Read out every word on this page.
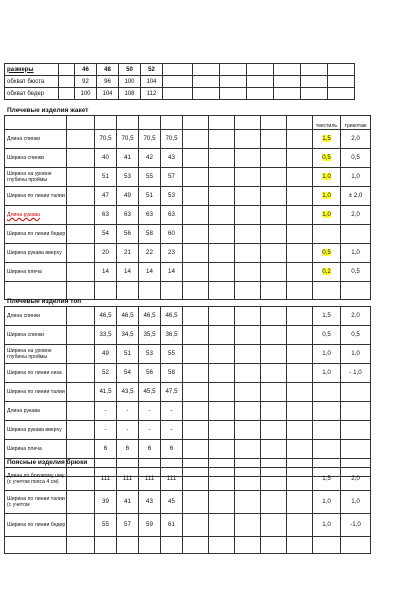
размеры		46	48	50	52							
обхват бюста		92	96	100	104							
обхват бедер		100	104	108	112							
Плечевые изделия жакет
											текстиль	трикотаж
Длина спинки		70,5	70,5	70,5	70,5						1,5	2,0
Ширина спинки		40	41	42	43						0,5	0,5
Ширина на уровне глубины проймы		51	53	55	57						1,0	1,0
Ширина по линии талии		47	49	51	53						1,0	± 2,0
Длина рукава		63	63	63	63						1,0	2,0
Ширина по линии бедер		54	56	58	60							
Ширина рукава вверху		20	21	22	23						0,5	1,0
Ширина плеча		14	14	14	14						0,2	0,5

Плечевые изделия топ
Длина спинки		46,5	46,5	46,5	46,5						1,5	2,0
Ширина спинки		33,5	34,5	35,5	36,5						0,5	0,5
Ширина на уровне глубины проймы		49	51	53	55						1,0	1,0
Ширина по линии низа		52	54	56	58						1,0	- 1,0
Ширина по линии талии		41,5	43,5	45,5	47,5							
Длина рукава		-	-	-	-							
Ширина рукава вверху		-	-	-	-							
Ширина плеча		6	6	6	6							

Поясные изделия брюки
Длина по боковому шву (с учетом пояса 4 см)		111	111	111	111						1,5	2,0
Ширина по линии талии (с учетом		39	41	43	45						1,0	1,0
Ширина по линии бедер		55	57	59	61						1,0	-1,0
